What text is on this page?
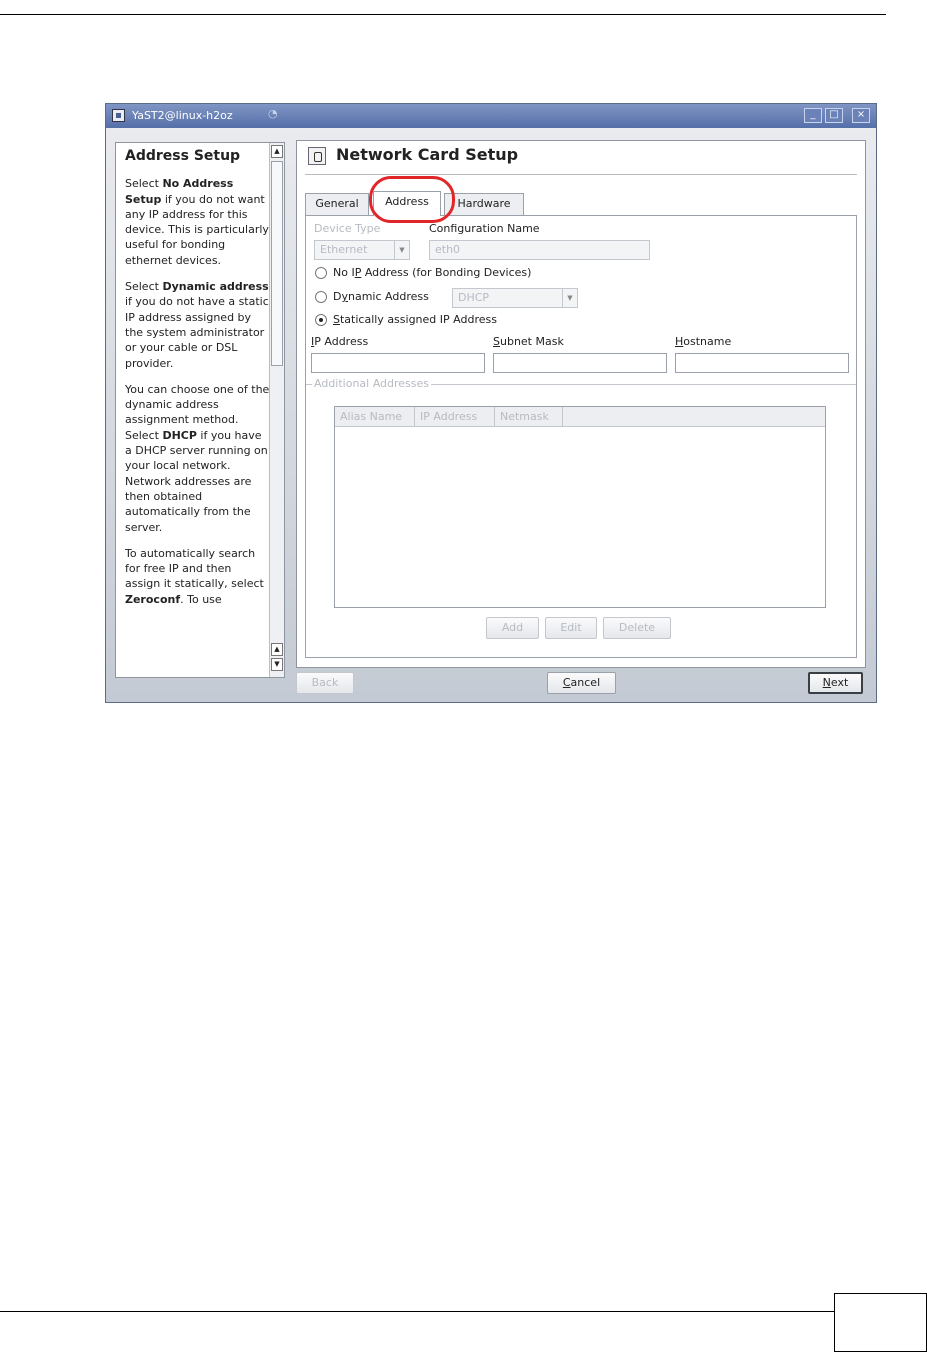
YaST2@linux-h2oz	◔	_	□	×
Address Setup

Select No Address Setup if you do not want any IP address for this device. This is particularly useful for bonding ethernet devices.

Select Dynamic address if you do not have a static IP address assigned by the system administrator or your cable or DSL provider.

You can choose one of the dynamic address assignment method. Select DHCP if you have a DHCP server running on your local network. Network addresses are then obtained automatically from the server.

To automatically search for free IP and then assign it statically, select Zeroconf. To use

▲
▲
▼
Network Card Setup
General	Address	Hardware
Device Type	Configuration Name
Ethernet	▼	eth0
No IP Address (for Bonding Devices)
Dynamic Address	DHCP	▼
Statically assigned IP Address
IP Address	Subnet Mask	Hostname
Additional Addresses
Alias Name	IP Address	Netmask
Add	Edit	Delete
Back	Cancel	Next
